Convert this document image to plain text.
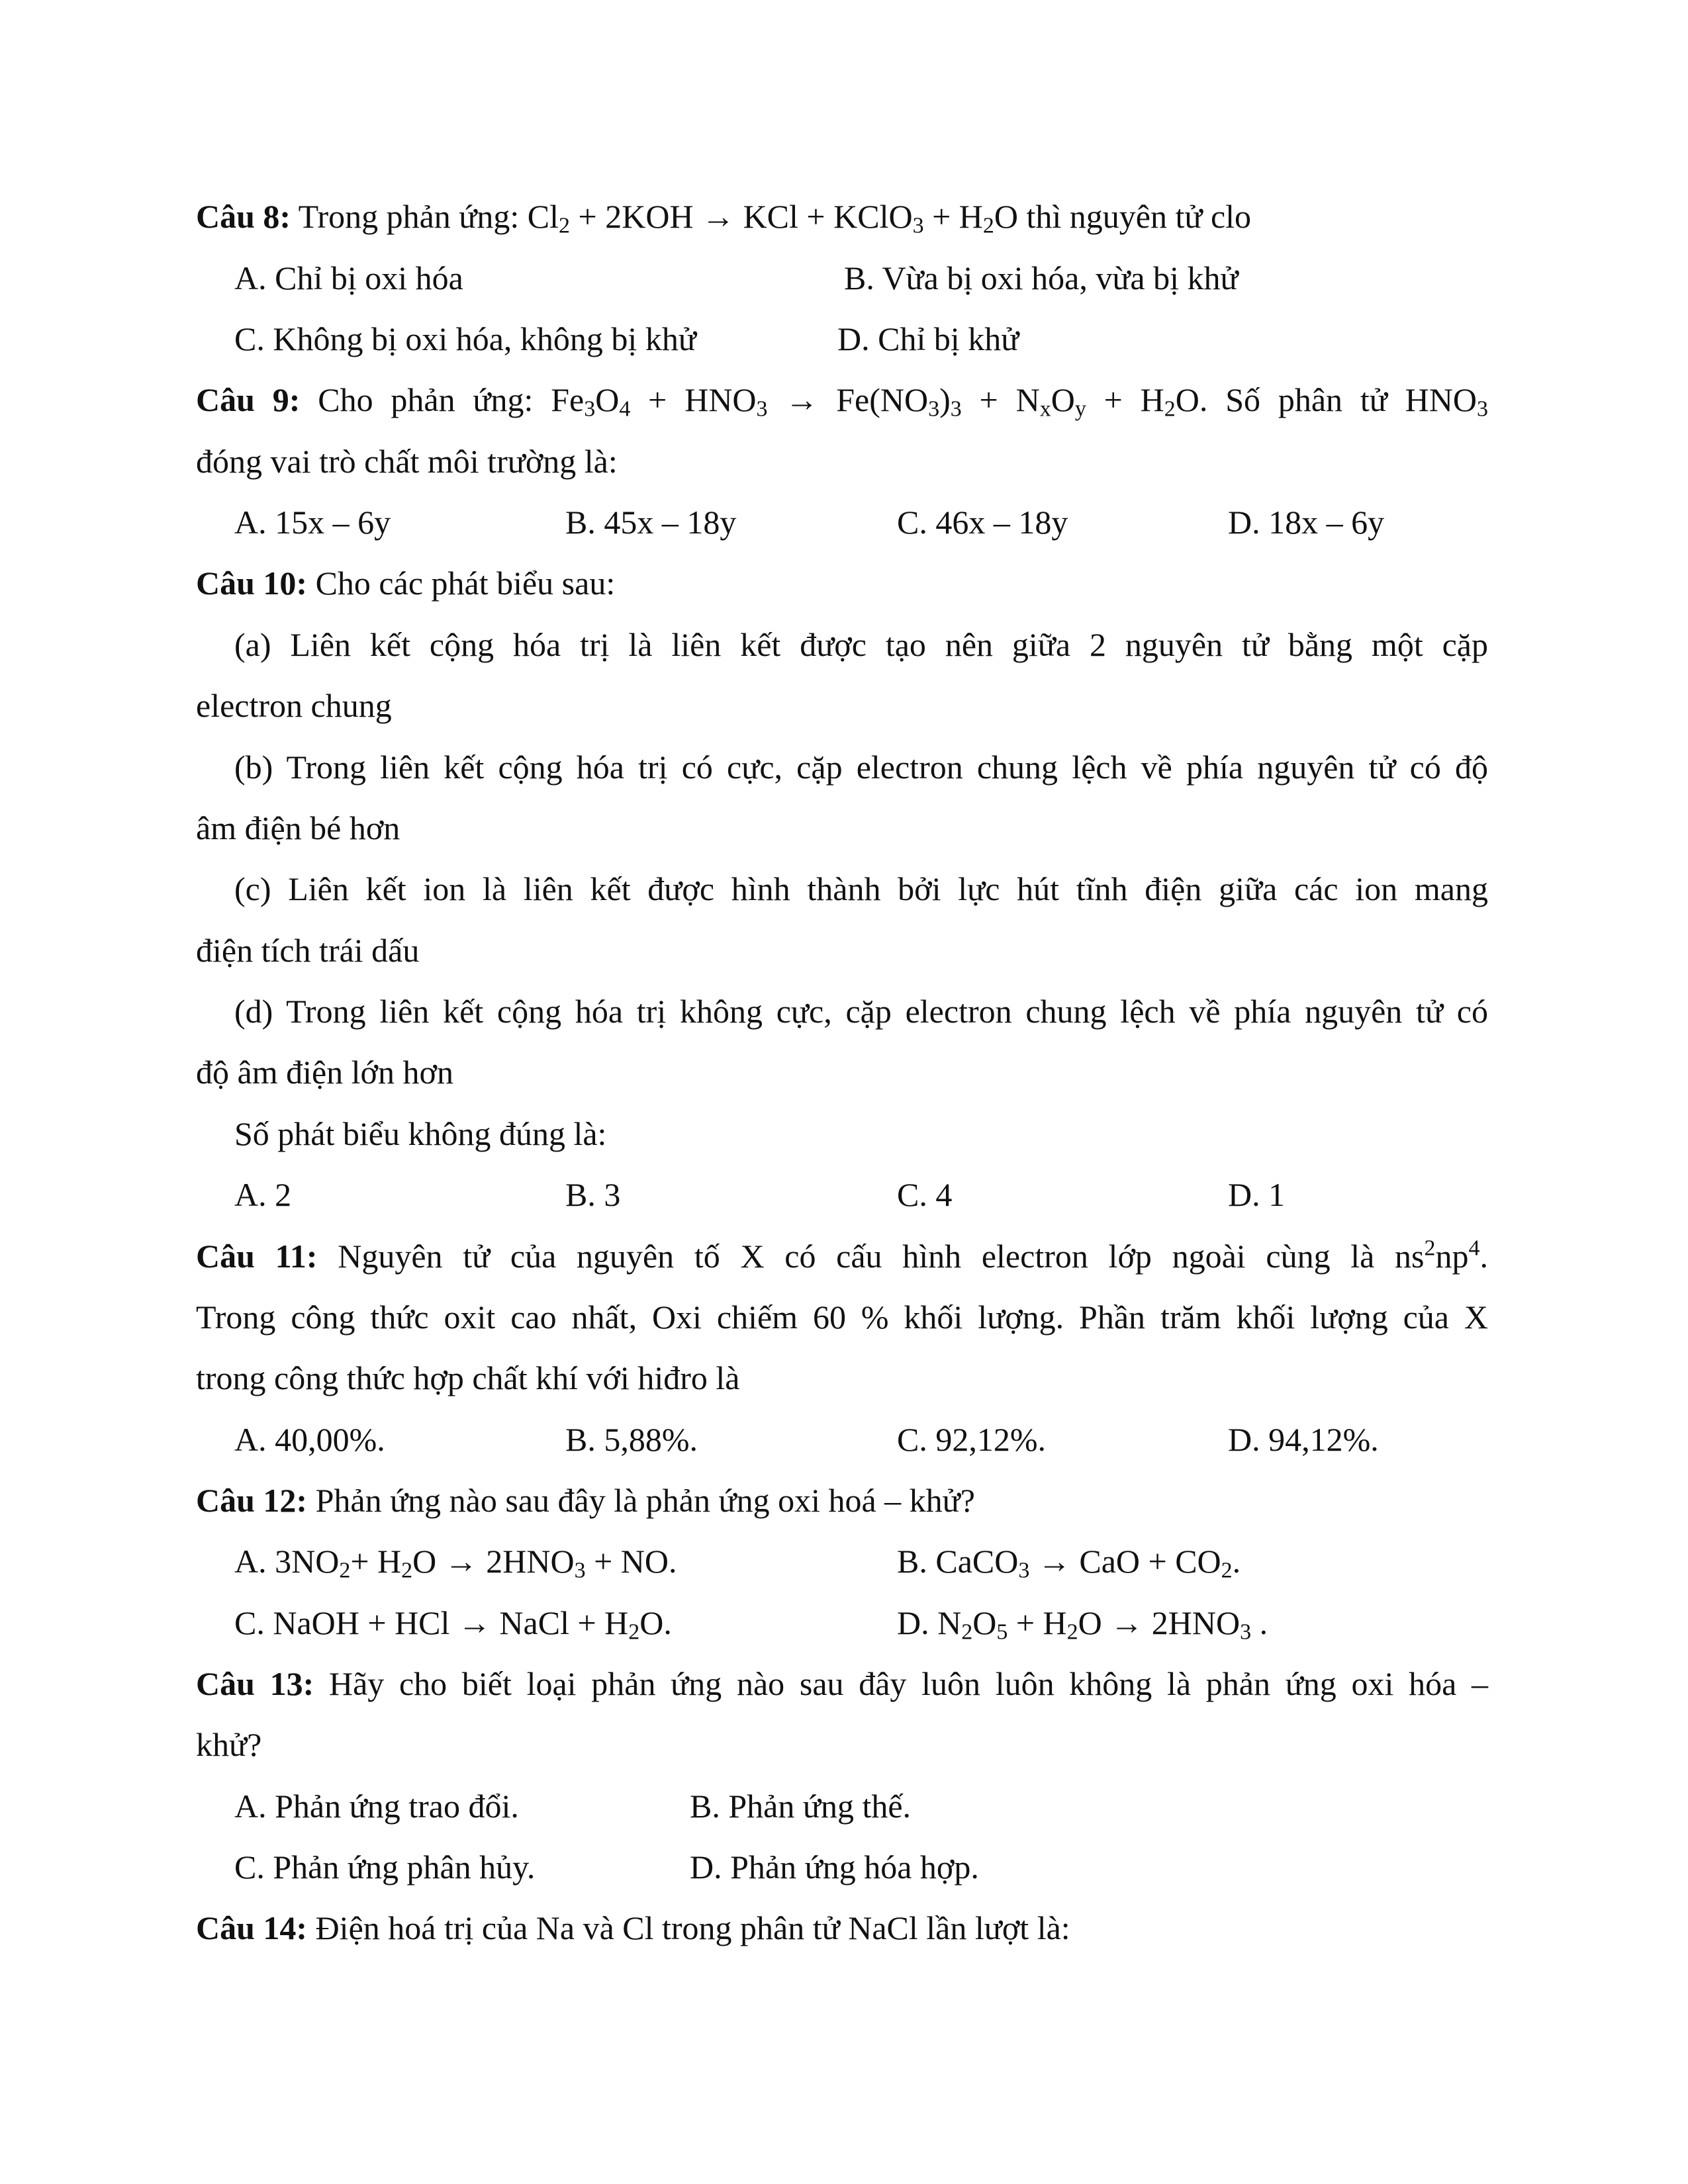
Câu 8: Trong phản ứng: $Cl_2 + 2KOH$ → KCl + KClO$_3$ + $H_2O$ thì nguyên tử clo
A. Chỉ bị oxi hóa	B. Vừa bị oxi hóa, vừa bị khử
C. Không bị oxi hóa, không bị khử	D. Chỉ bị khử
Câu 9: Cho phản ứng: $Fe_3O_4 + HNO_3 \to Fe(NO_3)_3 + N_xO_y + H_2O$. Số phân tử $HNO_3$
đóng vai trò chất môi trường là:
A. 15x – 6y	B. 45x – 18y	C. 46x – 18y	D. 18x – 6y
Câu 10: Cho các phát biểu sau:
(a) Liên kết cộng hóa trị là liên kết được tạo nên giữa 2 nguyên tử bằng một cặp
electron chung
(b) Trong liên kết cộng hóa trị có cực, cặp electron chung lệch về phía nguyên tử có độ
âm điện bé hơn
(c) Liên kết ion là liên kết được hình thành bởi lực hút tĩnh điện giữa các ion mang
điện tích trái dấu
(d) Trong liên kết cộng hóa trị không cực, cặp electron chung lệch về phía nguyên tử có
độ âm điện lớn hơn
Số phát biểu không đúng là:
A. 2	B. 3	C. 4	D. 1
Câu 11: Nguyên tử của nguyên tố X có cấu hình electron lớp ngoài cùng là $ns^2np^4$.
Trong công thức oxit cao nhất, Oxi chiếm 60 % khối lượng. Phần trăm khối lượng của X
trong công thức hợp chất khí với hiđro là
A. 40,00%.	B. 5,88%.	C. 92,12%.	D. 94,12%.
Câu 12: Phản ứng nào sau đây là phản ứng oxi hoá – khử?
A. $3NO_2+ H_2O \to 2HNO_3$ + NO.	B. CaCO$_3$ → CaO + $CO_2$.
C. NaOH + HCl → NaCl + $H_2O$.	D. $N_2O_5 + H_2O \to 2HNO_3$ .
Câu 13: Hãy cho biết loại phản ứng nào sau đây luôn luôn không là phản ứng oxi hóa –
khử?
A. Phản ứng trao đổi.	B. Phản ứng thế.
C. Phản ứng phân hủy.	D. Phản ứng hóa hợp.
Câu 14: Điện hoá trị của Na và Cl trong phân tử NaCl lần lượt là:
